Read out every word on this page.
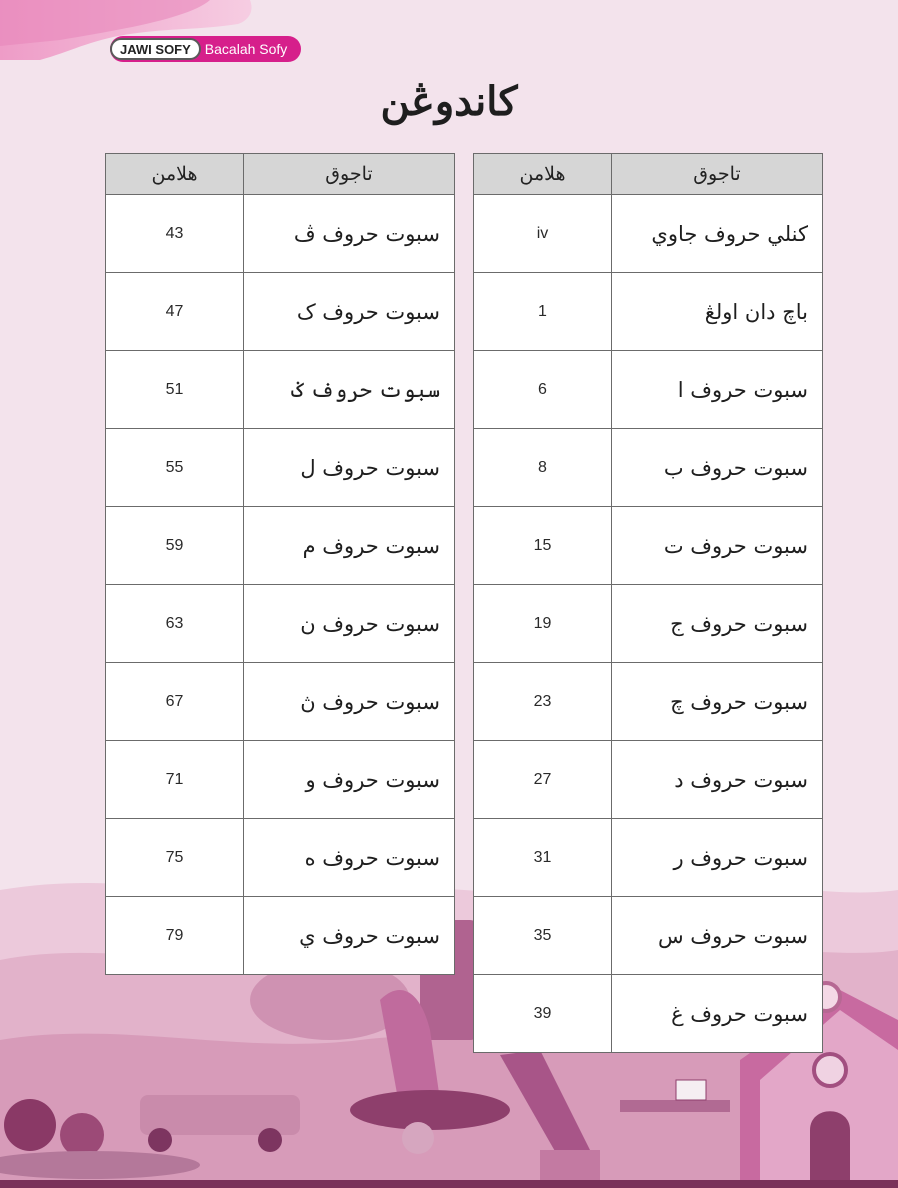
JAWI SOFY	Bacalah Sofy
كاندوڠن
تاجوق	هلامن
كنلي حروف جاوي	iv
باچ دان اولڠ	1
سبوت حروف ا	6
سبوت حروف ب	8
سبوت حروف ت	15
سبوت حروف ج	19
سبوت حروف چ	23
سبوت حروف د	27
سبوت حروف ر	31
سبوت حروف س	35
سبوت حروف غ	39
تاجوق	هلامن
سبوت حروف ڤ	43
سبوت حروف ک	47
سبوت حروف ݢ	51
سبوت حروف ل	55
سبوت حروف م	59
سبوت حروف ن	63
سبوت حروف ڽ	67
سبوت حروف و	71
سبوت حروف ه	75
سبوت حروف ي	79
